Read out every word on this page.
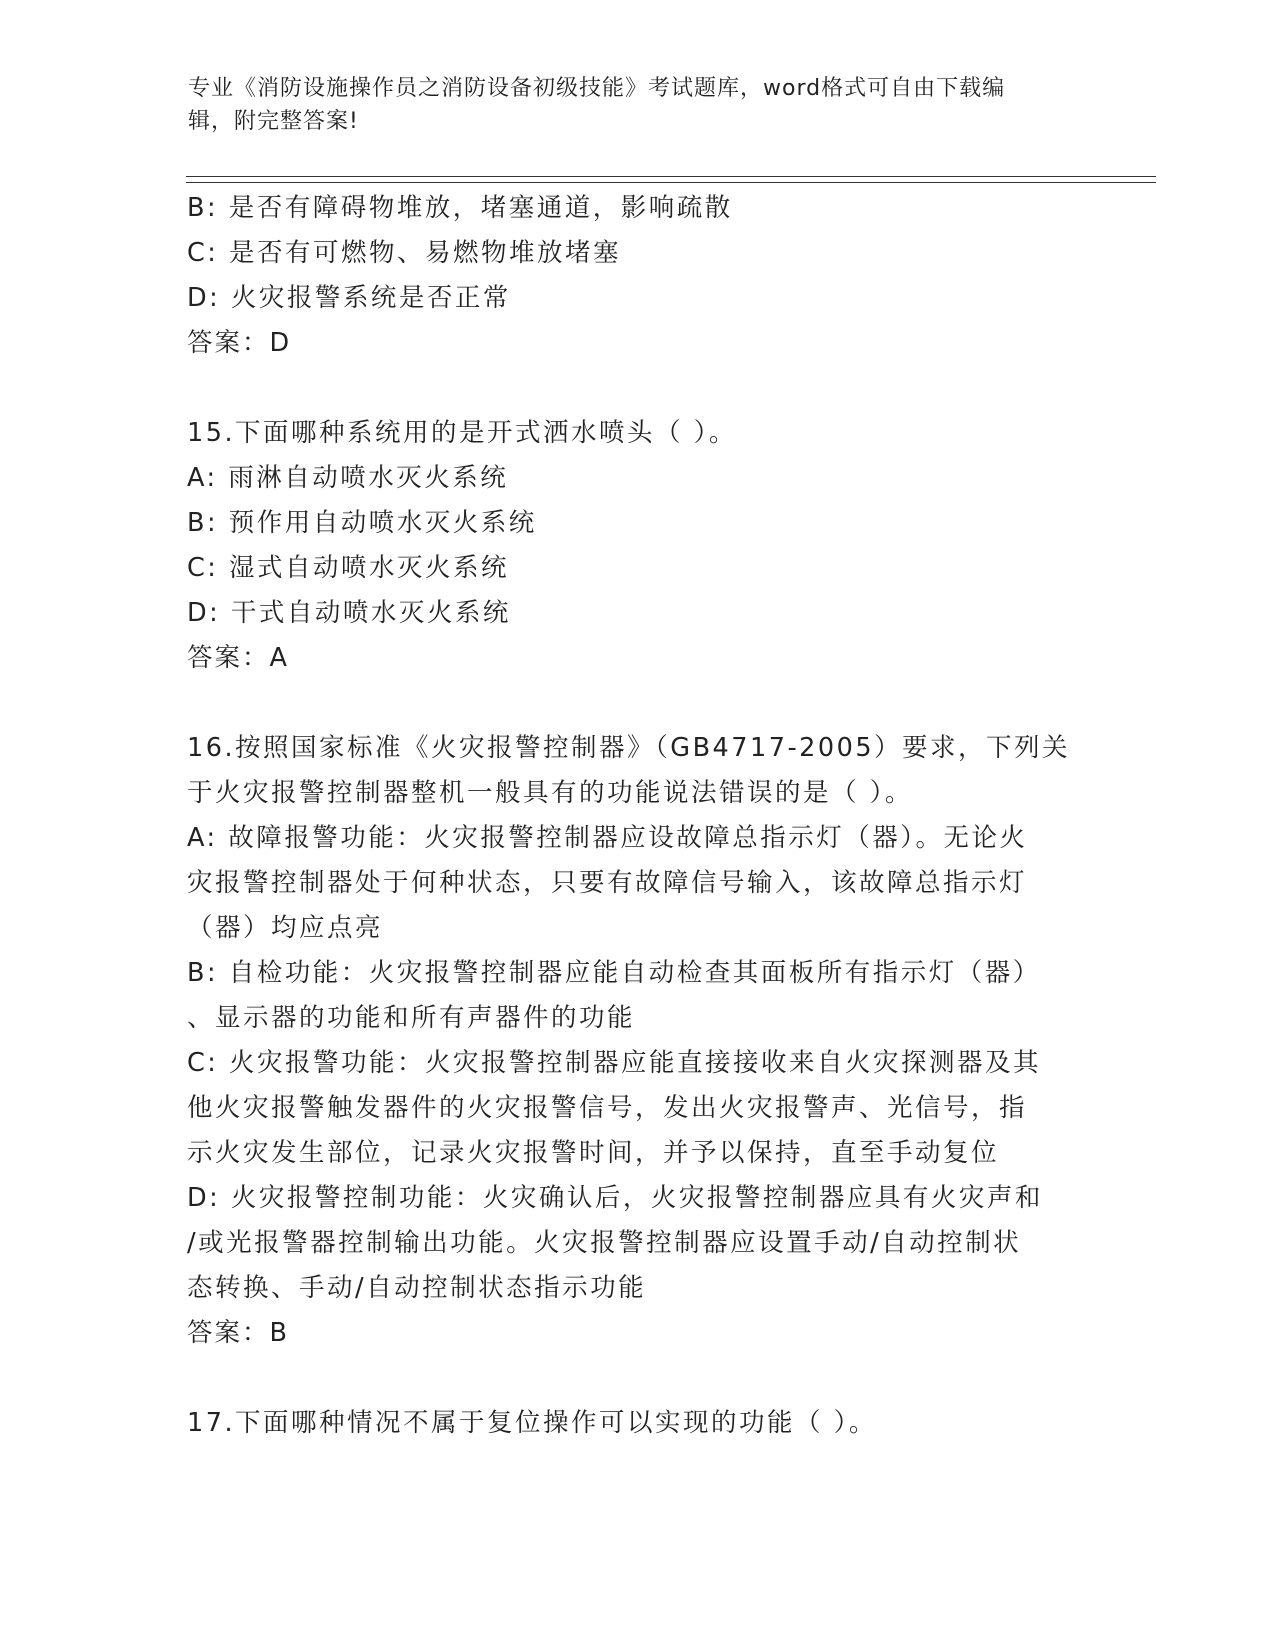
专业《消防设施操作员之消防设备初级技能》考试题库，word格式可自由下载编
辑，附完整答案!
B: 是否有障碍物堆放，堵塞通道，影响疏散
C: 是否有可燃物、易燃物堆放堵塞
D: 火灾报警系统是否正常
答案：D
15.下面哪种系统用的是开式洒水喷头（ ）。
A: 雨淋自动喷水灭火系统
B: 预作用自动喷水灭火系统
C: 湿式自动喷水灭火系统
D: 干式自动喷水灭火系统
答案：A
16.按照国家标准《火灾报警控制器》（GB4717-2005）要求，下列关
于火灾报警控制器整机一般具有的功能说法错误的是（ ）。
A: 故障报警功能：火灾报警控制器应设故障总指示灯（器）。无论火
灾报警控制器处于何种状态，只要有故障信号输入，该故障总指示灯
（器）均应点亮
B: 自检功能：火灾报警控制器应能自动检查其面板所有指示灯（器）
、显示器的功能和所有声器件的功能
C: 火灾报警功能：火灾报警控制器应能直接接收来自火灾探测器及其
他火灾报警触发器件的火灾报警信号，发出火灾报警声、光信号，指
示火灾发生部位，记录火灾报警时间，并予以保持，直至手动复位
D: 火灾报警控制功能：火灾确认后，火灾报警控制器应具有火灾声和
/或光报警器控制输出功能。火灾报警控制器应设置手动/自动控制状
态转换、手动/自动控制状态指示功能
答案：B
17.下面哪种情况不属于复位操作可以实现的功能（ ）。
